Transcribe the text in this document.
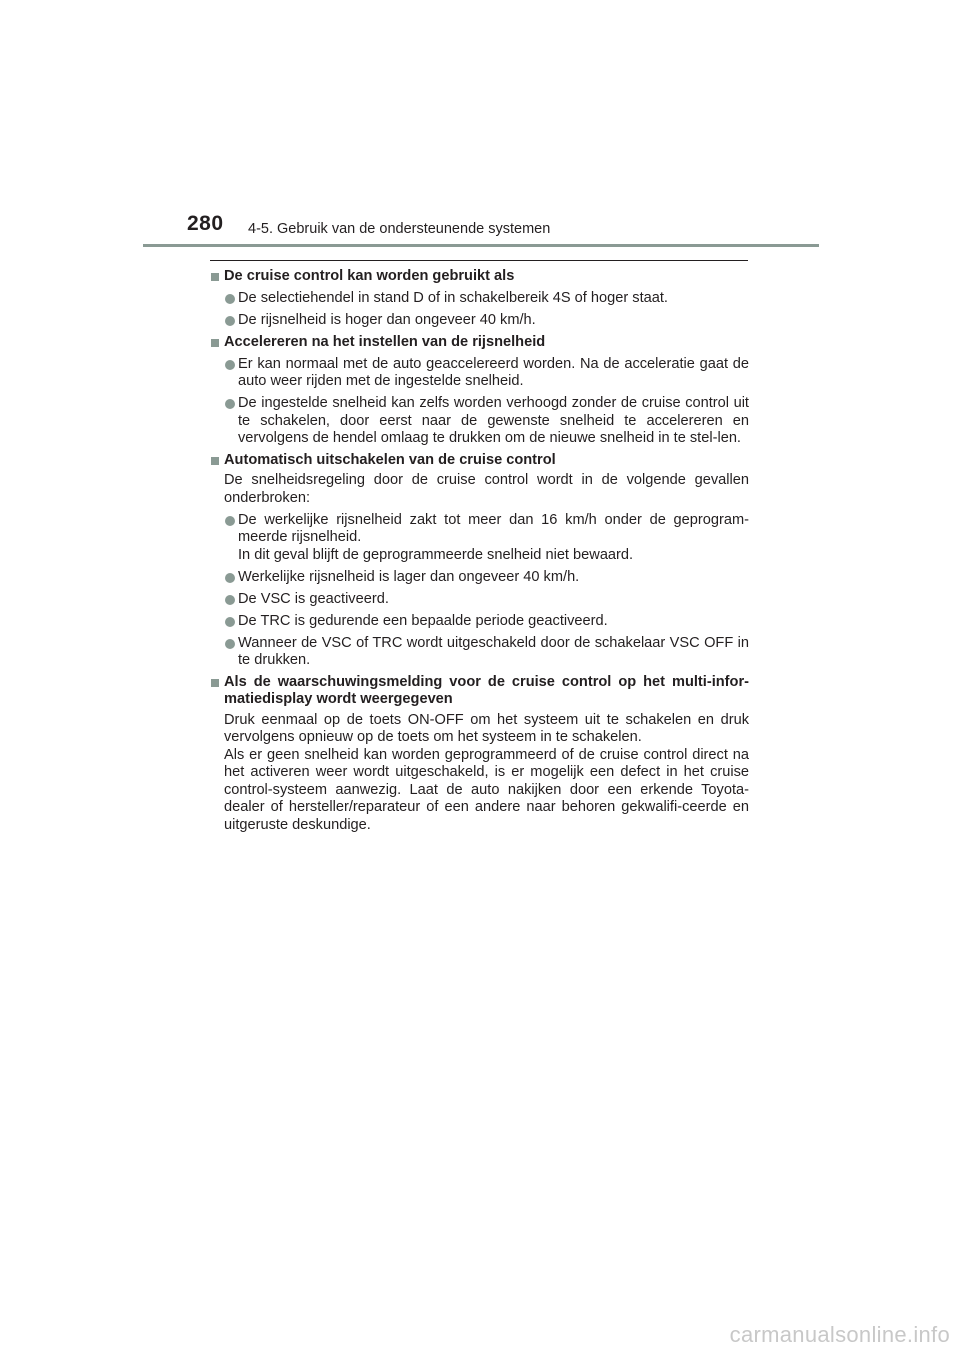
280 4-5. Gebruik van de ondersteunende systemen
De cruise control kan worden gebruikt als
De selectiehendel in stand D of in schakelbereik 4S of hoger staat.
De rijsnelheid is hoger dan ongeveer 40 km/h.
Accelereren na het instellen van de rijsnelheid
Er kan normaal met de auto geaccelereerd worden. Na de acceleratie gaat de auto weer rijden met de ingestelde snelheid.
De ingestelde snelheid kan zelfs worden verhoogd zonder de cruise control uit te schakelen, door eerst naar de gewenste snelheid te accelereren en vervolgens de hendel omlaag te drukken om de nieuwe snelheid in te stel-len.
Automatisch uitschakelen van de cruise control
De snelheidsregeling door de cruise control wordt in de volgende gevallen onderbroken:
De werkelijke rijsnelheid zakt tot meer dan 16 km/h onder de geprogram-meerde rijsnelheid.
In dit geval blijft de geprogrammeerde snelheid niet bewaard.
Werkelijke rijsnelheid is lager dan ongeveer 40 km/h.
De VSC is geactiveerd.
De TRC is gedurende een bepaalde periode geactiveerd.
Wanneer de VSC of TRC wordt uitgeschakeld door de schakelaar VSC OFF in te drukken.
Als de waarschuwingsmelding voor de cruise control op het multi-infor-matiedisplay wordt weergegeven
Druk eenmaal op de toets ON-OFF om het systeem uit te schakelen en druk vervolgens opnieuw op de toets om het systeem in te schakelen.
Als er geen snelheid kan worden geprogrammeerd of de cruise control direct na het activeren weer wordt uitgeschakeld, is er mogelijk een defect in het cruise control-systeem aanwezig. Laat de auto nakijken door een erkende Toyota-dealer of hersteller/reparateur of een andere naar behoren gekwalifi-ceerde en uitgeruste deskundige.
carmanualsonline.info
